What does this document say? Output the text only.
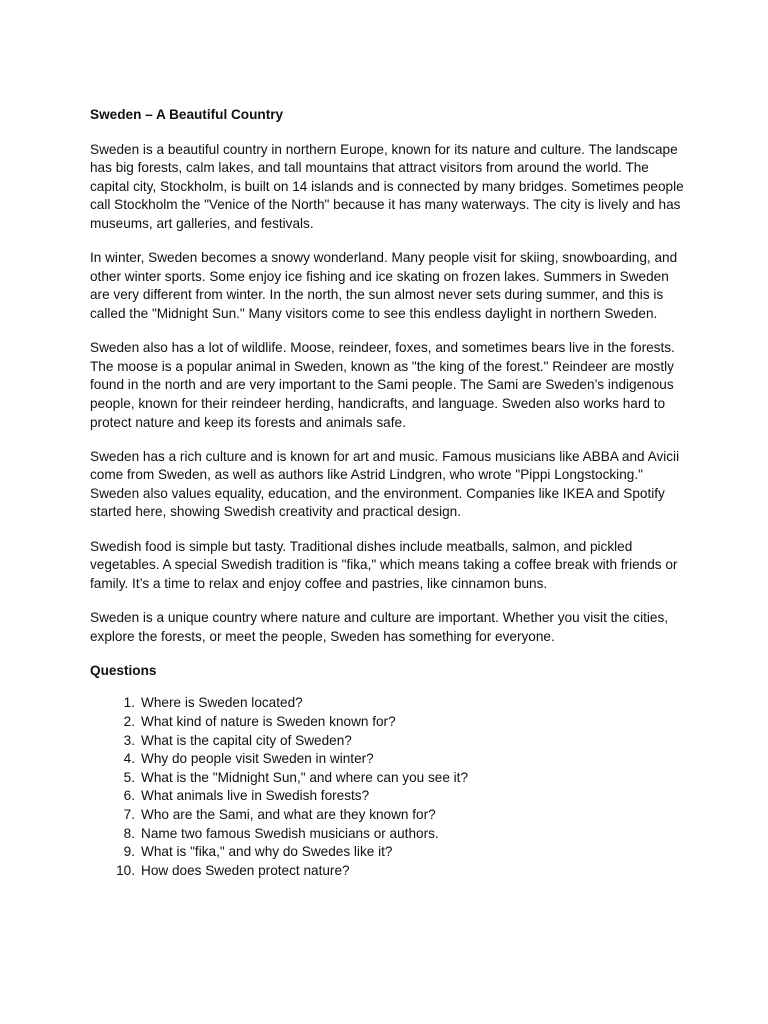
Sweden – A Beautiful Country

Sweden is a beautiful country in northern Europe, known for its nature and culture. The landscape has big forests, calm lakes, and tall mountains that attract visitors from around the world. The capital city, Stockholm, is built on 14 islands and is connected by many bridges. Sometimes people call Stockholm the "Venice of the North" because it has many waterways. The city is lively and has museums, art galleries, and festivals.

In winter, Sweden becomes a snowy wonderland. Many people visit for skiing, snowboarding, and other winter sports. Some enjoy ice fishing and ice skating on frozen lakes. Summers in Sweden are very different from winter. In the north, the sun almost never sets during summer, and this is called the "Midnight Sun." Many visitors come to see this endless daylight in northern Sweden.

Sweden also has a lot of wildlife. Moose, reindeer, foxes, and sometimes bears live in the forests. The moose is a popular animal in Sweden, known as "the king of the forest." Reindeer are mostly found in the north and are very important to the Sami people. The Sami are Sweden’s indigenous people, known for their reindeer herding, handicrafts, and language. Sweden also works hard to protect nature and keep its forests and animals safe.

Sweden has a rich culture and is known for art and music. Famous musicians like ABBA and Avicii come from Sweden, as well as authors like Astrid Lindgren, who wrote "Pippi Longstocking." Sweden also values equality, education, and the environment. Companies like IKEA and Spotify started here, showing Swedish creativity and practical design.

Swedish food is simple but tasty. Traditional dishes include meatballs, salmon, and pickled vegetables. A special Swedish tradition is "fika," which means taking a coffee break with friends or family. It’s a time to relax and enjoy coffee and pastries, like cinnamon buns.

Sweden is a unique country where nature and culture are important. Whether you visit the cities, explore the forests, or meet the people, Sweden has something for everyone.

Questions
1. Where is Sweden located?
2. What kind of nature is Sweden known for?
3. What is the capital city of Sweden?
4. Why do people visit Sweden in winter?
5. What is the "Midnight Sun," and where can you see it?
6. What animals live in Swedish forests?
7. Who are the Sami, and what are they known for?
8. Name two famous Swedish musicians or authors.
9. What is "fika," and why do Swedes like it?
10. How does Sweden protect nature?
